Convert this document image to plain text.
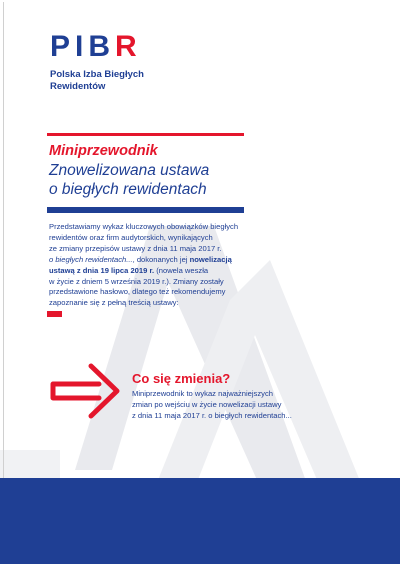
P I B R
Polska Izba Biegłych
Rewidentów
Miniprzewodnik
Znowelizowana ustawa
o biegłych rewidentach
Przedstawiamy wykaz kluczowych obowiązków biegłych
rewidentów oraz firm audytorskich, wynikających
ze zmiany przepisów ustawy z dnia 11 maja 2017 r.
o biegłych rewidentach..., dokonanych jej nowelizacją
ustawą z dnia 19 lipca 2019 r. (nowela weszła
w życie z dniem 5 września 2019 r.). Zmiany zostały
przedstawione hasłowo, dlatego też rekomendujemy
zapoznanie się z pełną treścią ustawy:
Co się zmienia?
Miniprzewodnik to wykaz najważniejszych
zmian po wejściu w życie nowelizacji ustawy
z dnia 11 maja 2017 r. o biegłych rewidentach...
